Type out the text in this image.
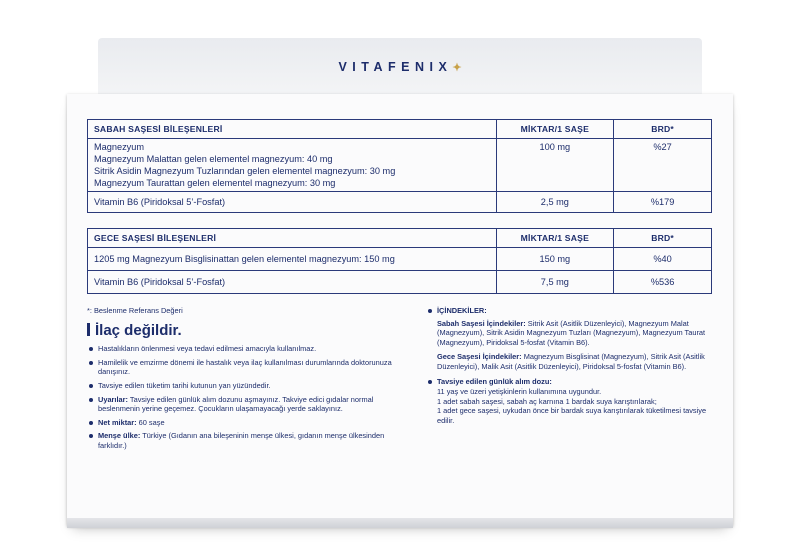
VITAFENIX✦
SABAH SAŞESİ BİLEŞENLERİ	MİKTAR/1 SAŞE	BRD*

Magnezyum
Magnezyum Malattan gelen elementel magnezyum: 40 mg
Sitrik Asidin Magnezyum Tuzlarından gelen elementel magnezyum: 30 mg
Magnezyum Taurattan gelen elementel magnezyum: 30 mg	100 mg	%27
Vitamin B6 (Piridoksal 5’-Fosfat)	2,5 mg	%179
GECE SAŞESİ BİLEŞENLERİ	MİKTAR/1 SAŞE	BRD*
1205 mg Magnezyum Bisglisinattan gelen elementel magnezyum: 150 mg	150 mg	%40
Vitamin B6 (Piridoksal 5’-Fosfat)	7,5 mg	%536

*: Beslenme Referans Değeri

İlaç değildir.

Hastalıkların önlenmesi veya tedavi edilmesi amacıyla kullanılmaz.
Hamilelik ve emzirme dönemi ile hastalık veya ilaç kullanılması durumlarında doktorunuza danışınız.
Tavsiye edilen tüketim tarihi kutunun yan yüzündedir.
Uyarılar: Tavsiye edilen günlük alım dozunu aşmayınız. Takviye edici gıdalar normal beslenmenin yerine geçemez. Çocukların ulaşamayacağı yerde saklayınız.
Net miktar: 60 saşe
Menşe ülke: Türkiye (Gıdanın ana bileşeninin menşe ülkesi, gıdanın menşe ülkesinden farklıdır.)
İÇİNDEKİLER:
Sabah Saşesi İçindekiler: Sitrik Asit (Asitlik Düzenleyici), Magnezyum Malat (Magnezyum), Sitrik Asidin Magnezyum Tuzları (Magnezyum), Magnezyum Taurat (Magnezyum), Piridoksal 5-fosfat (Vitamin B6).
Gece Saşesi İçindekiler: Magnezyum Bisglisinat (Magnezyum), Sitrik Asit (Asitlik Düzenleyici), Malik Asit (Asitlik Düzenleyici), Piridoksal 5-fosfat (Vitamin B6).
Tavsiye edilen günlük alım dozu:
11 yaş ve üzeri yetişkinlerin kullanımına uygundur.
1 adet sabah saşesi, sabah aç karnına 1 bardak suya karıştırılarak;
1 adet gece saşesi, uykudan önce bir bardak suya karıştırılarak tüketilmesi tavsiye edilir.
